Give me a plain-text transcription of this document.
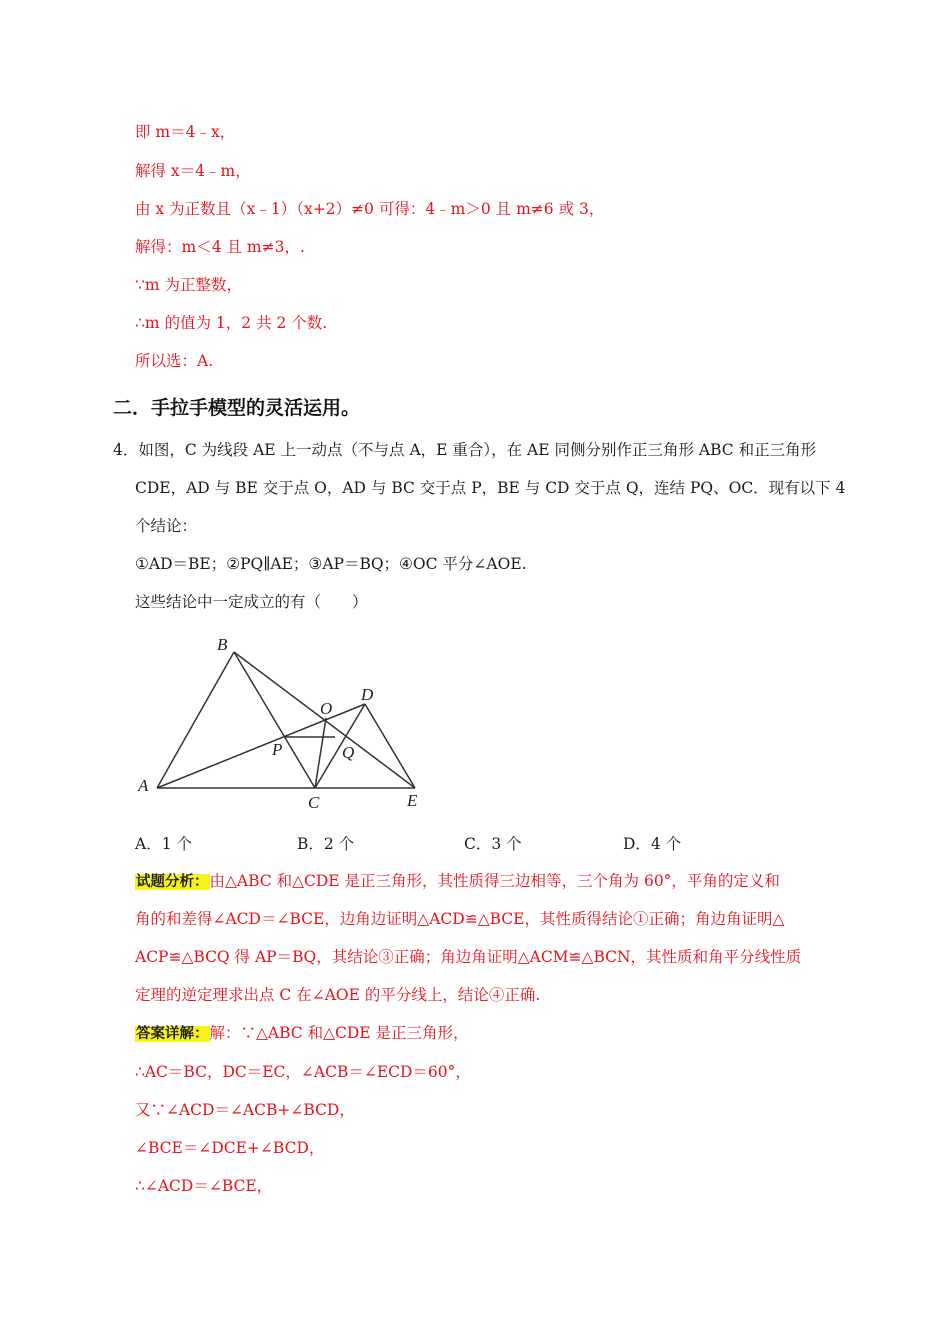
即 m＝4﹣x，
解得 x＝4﹣m，
由 x 为正数且（x﹣1）（x+2）≠0 可得：4﹣m＞0 且 m≠6 或 3，
解得：m＜4 且 m≠3，.
∵m 为正整数，
∴m 的值为 1，2 共 2 个数.
所以选：A.
二．手拉手模型的灵活运用。
4．如图，C 为线段 AE 上一动点（不与点 A，E 重合），在 AE 同侧分别作正三角形 ABC 和正三角形
CDE，AD 与 BE 交于点 O，AD 与 BC 交于点 P，BE 与 CD 交于点 Q，连结 PQ、OC．现有以下 4
个结论：
①AD＝BE；②PQ∥AE；③AP＝BQ；④OC 平分∠AOE.
这些结论中一定成立的有（　　）
B
D
O
P	Q
A
C	E
A．1 个	B．2 个	C．3 个	D．4 个
试题分析：由△ABC 和△CDE 是正三角形，其性质得三边相等，三个角为 60°，平角的定义和
角的和差得∠ACD＝∠BCE，边角边证明△ACD≌△BCE，其性质得结论①正确；角边角证明△
ACP≌△BCQ 得 AP＝BQ，其结论③正确；角边角证明△ACM≌△BCN，其性质和角平分线性质
定理的逆定理求出点 C 在∠AOE 的平分线上，结论④正确.
答案详解：解：∵△ABC 和△CDE 是正三角形，
∴AC＝BC，DC＝EC，∠ACB＝∠ECD＝60°，
又∵∠ACD＝∠ACB+∠BCD，
∠BCE＝∠DCE+∠BCD，
∴∠ACD＝∠BCE，
